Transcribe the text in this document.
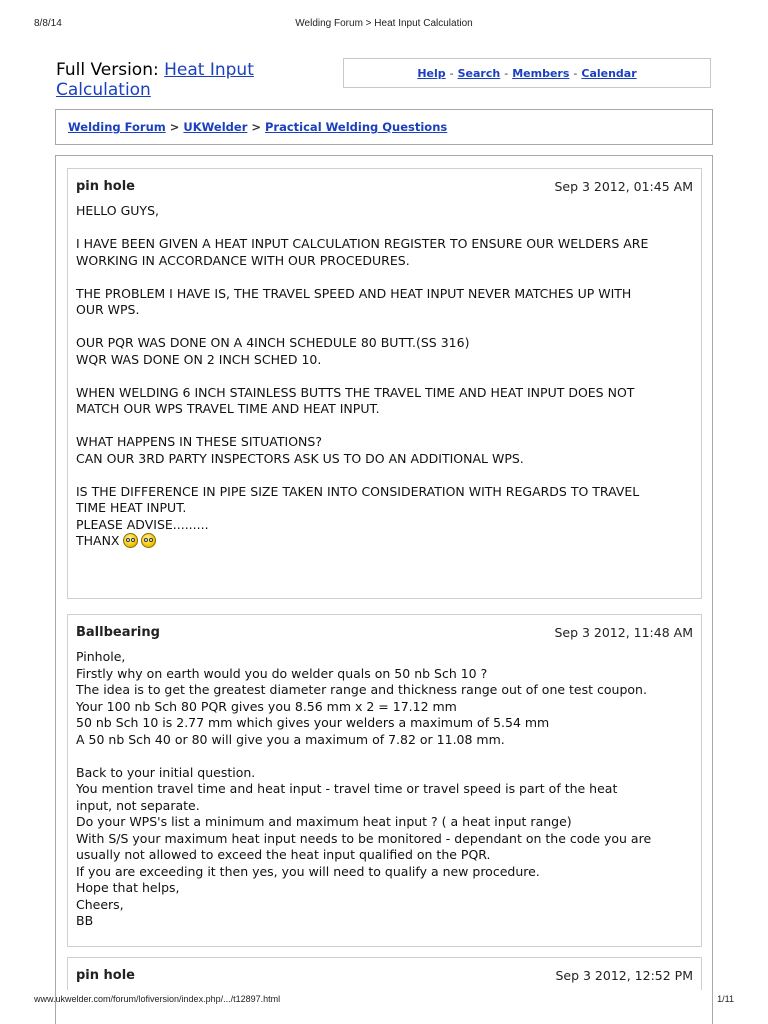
8/8/14	Welding Forum > Heat Input Calculation
Full Version: Heat Input Calculation
Help - Search - Members - Calendar
Welding Forum > UKWelder > Practical Welding Questions
pin hole	Sep 3 2012, 01:45 AM
HELLO GUYS,
I HAVE BEEN GIVEN A HEAT INPUT CALCULATION REGISTER TO ENSURE OUR WELDERS ARE
WORKING IN ACCORDANCE WITH OUR PROCEDURES.
THE PROBLEM I HAVE IS, THE TRAVEL SPEED AND HEAT INPUT NEVER MATCHES UP WITH
OUR WPS.
OUR PQR WAS DONE ON A 4INCH SCHEDULE 80 BUTT.(SS 316)
WQR WAS DONE ON 2 INCH SCHED 10.
WHEN WELDING 6 INCH STAINLESS BUTTS THE TRAVEL TIME AND HEAT INPUT DOES NOT
MATCH OUR WPS TRAVEL TIME AND HEAT INPUT.
WHAT HAPPENS IN THESE SITUATIONS?
CAN OUR 3RD PARTY INSPECTORS ASK US TO DO AN ADDITIONAL WPS.
IS THE DIFFERENCE IN PIPE SIZE TAKEN INTO CONSIDERATION WITH REGARDS TO TRAVEL
TIME HEAT INPUT.
PLEASE ADVISE.........
THANX
Ballbearing	Sep 3 2012, 11:48 AM
Pinhole,
Firstly why on earth would you do welder quals on 50 nb Sch 10 ?
The idea is to get the greatest diameter range and thickness range out of one test coupon.
Your 100 nb Sch 80 PQR gives you 8.56 mm x 2 = 17.12 mm
50 nb Sch 10 is 2.77 mm which gives your welders a maximum of 5.54 mm
A 50 nb Sch 40 or 80 will give you a maximum of 7.82 or 11.08 mm.
Back to your initial question.
You mention travel time and heat input - travel time or travel speed is part of the heat
input, not separate.
Do your WPS's list a minimum and maximum heat input ? ( a heat input range)
With S/S your maximum heat input needs to be monitored - dependant on the code you are
usually not allowed to exceed the heat input qualified on the PQR.
If you are exceeding it then yes, you will need to qualify a new procedure.
Hope that helps,
Cheers,
BB
pin hole	Sep 3 2012, 12:52 PM
www.ukwelder.com/forum/lofiversion/index.php/.../t12897.html	1/11
